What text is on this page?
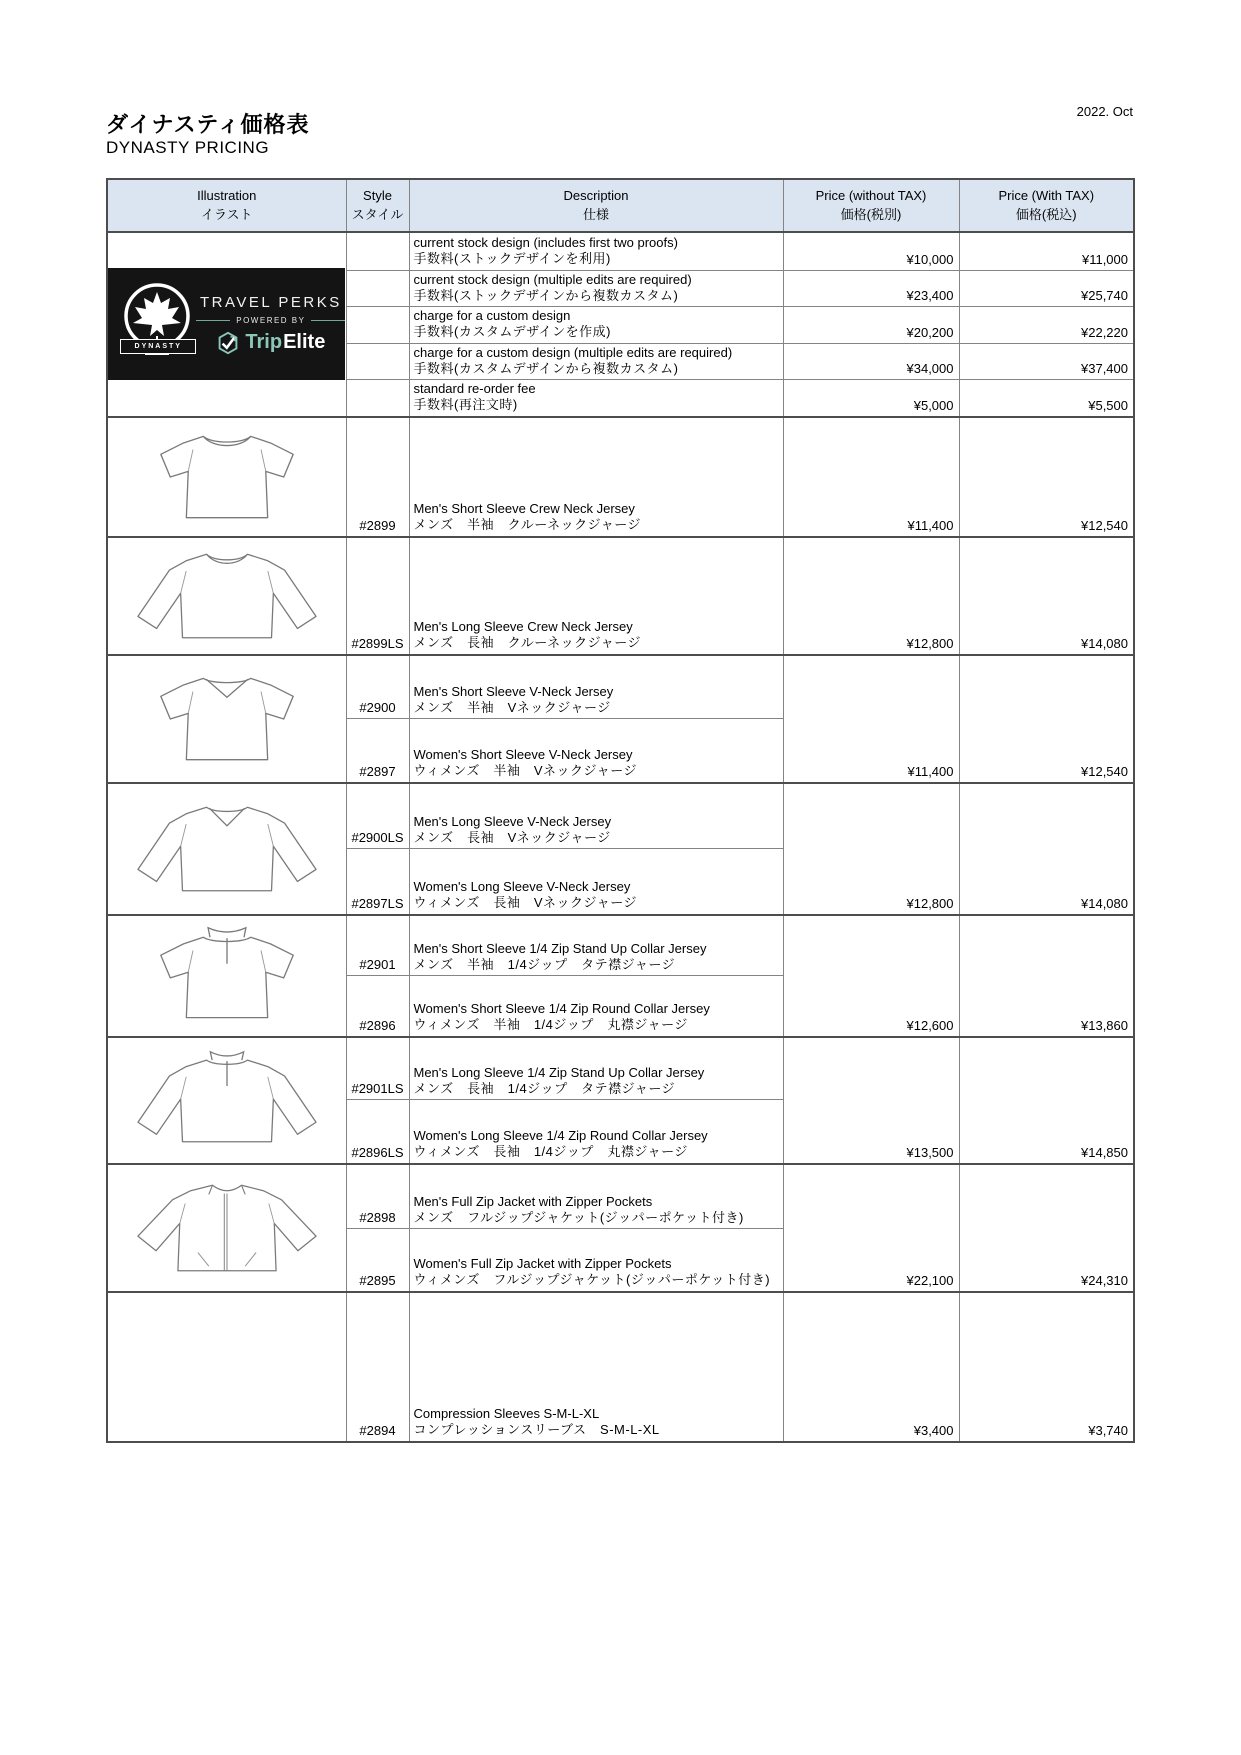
2022. Oct
ダイナスティ価格表
DYNASTY PRICING
Illustration
イラスト

Style
スタイル

Description
仕様

Price (without TAX)
価格(税別)

Price (With TAX)
価格(税込)

DYNASTY
TRAVEL PERKS
POWERED BY
Trip Elite

current stock design (includes first two proofs)
手数料(ストックデザインを利用)	¥10,000	¥11,000

		current stock design (multiple edits are required)
手数料(ストックデザインから複数カスタム)	¥23,400	¥25,740

		charge for a custom design
手数料(カスタムデザインを作成)	¥20,200	¥22,220

		charge for a custom design (multiple edits are required)
手数料(カスタムデザインから複数カスタム)	¥34,000	¥37,400

		standard re-order fee
手数料(再注文時)	¥5,000	¥5,500

	#2899	Men's Short Sleeve Crew Neck Jersey
メンズ　半袖　クルーネックジャージ	¥11,400	¥12,540

	#2899LS	Men's Long Sleeve Crew Neck Jersey
メンズ　長袖　クルーネックジャージ	¥12,800	¥14,080

	#2900	Men's Short Sleeve V-Neck Jersey
メンズ　半袖　Vネックジャージ	¥11,400	¥12,540
	#2897	Women's Short Sleeve V-Neck Jersey
ウィメンズ　半袖　Vネックジャージ		

	#2900LS	Men's Long Sleeve V-Neck Jersey
メンズ　長袖　Vネックジャージ	¥12,800	¥14,080
	#2897LS	Women's Long Sleeve V-Neck Jersey
ウィメンズ　長袖　Vネックジャージ		

	#2901	Men's Short Sleeve 1/4 Zip Stand Up Collar Jersey
メンズ　半袖　1/4ジップ　タテ襟ジャージ	¥12,600	¥13,860
	#2896	Women's Short Sleeve 1/4 Zip Round Collar Jersey
ウィメンズ　半袖　1/4ジップ　丸襟ジャージ		

	#2901LS	Men's Long Sleeve 1/4 Zip Stand Up Collar Jersey
メンズ　長袖　1/4ジップ　タテ襟ジャージ	¥13,500	¥14,850
	#2896LS	Women's Long Sleeve 1/4 Zip Round Collar Jersey
ウィメンズ　長袖　1/4ジップ　丸襟ジャージ		

	#2898	Men's Full Zip Jacket with Zipper Pockets
メンズ　フルジップジャケット(ジッパーポケット付き)	¥22,100	¥24,310
	#2895	Women's Full Zip Jacket with Zipper Pockets
ウィメンズ　フルジップジャケット(ジッパーポケット付き)		

	#2894	Compression Sleeves S-M-L-XL
コンプレッションスリーブス　S-M-L-XL	¥3,400	¥3,740
